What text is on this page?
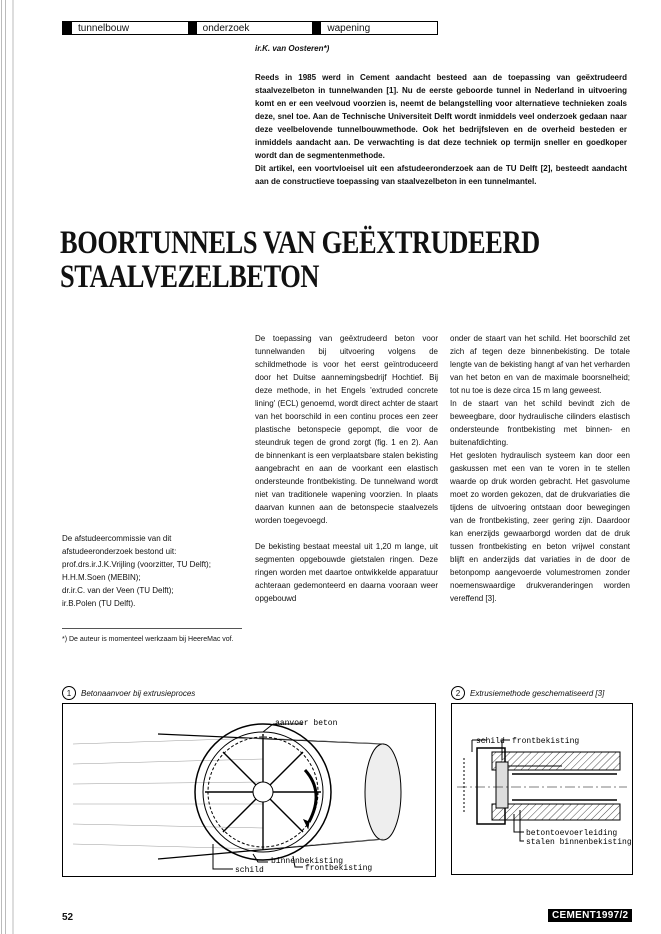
tunnelbouw	onderzoek	wapening
ir.K. van Oosteren*)

Reeds in 1985 werd in Cement aandacht besteed aan de toepassing van geëxtrudeerd staalvezelbeton in tunnelwanden [1]. Nu de eerste geboorde tunnel in Nederland in uitvoering komt en er een veelvoud voorzien is, neemt de belangstelling voor alternatieve technieken zoals deze, snel toe. Aan de Technische Universiteit Delft wordt inmiddels veel onderzoek gedaan naar deze veelbelovende tunnelbouwmethode. Ook het bedrijfsleven en de overheid besteden er inmiddels aandacht aan. De verwachting is dat deze techniek op termijn sneller en goedkoper wordt dan de segmentenmethode.

Dit artikel, een voortvloeisel uit een afstudeeronderzoek aan de TU Delft [2], besteedt aandacht aan de constructieve toepassing van staalvezelbeton in een tunnelmantel.

BOORTUNNELS VAN GEËXTRUDEERD
STAALVEZELBETON
De afstudeercommissie van dit afstudeeronderzoek bestond uit:
prof.drs.ir.J.K.Vrijling (voorzitter, TU Delft);
H.H.M.Soen (MEBIN);
dr.ir.C. van der Veen (TU Delft);
ir.B.Polen (TU Delft).
*) De auteur is momenteel werkzaam bij HeereMac vof.

De toepassing van geëxtrudeerd beton voor tunnelwanden bij uitvoering volgens de schildmethode is voor het eerst geïntroduceerd door het Duitse aannemingsbedrijf Hochtief. Bij deze methode, in het Engels 'extruded concrete lining' (ECL) genoemd, wordt direct achter de staart van het boorschild in een continu proces een zeer plastische betonspecie gepompt, die voor de steundruk tegen de grond zorgt (fig. 1 en 2). Aan de binnenkant is een verplaatsbare stalen bekisting aangebracht en aan de voorkant een elastisch ondersteunde frontbekisting. De tunnelwand wordt niet van traditionele wapening voorzien. In plaats daarvan kunnen aan de betonspecie staalvezels worden toegevoegd.

De bekisting bestaat meestal uit 1,20 m lange, uit segmenten opgebouwde gietstalen ringen. Deze ringen worden met daartoe ontwikkelde apparatuur achteraan gedemonteerd en daarna vooraan weer opgebouwd

onder de staart van het schild. Het boorschild zet zich af tegen deze binnenbekisting. De totale lengte van de bekisting hangt af van het verharden van het beton en van de maximale boorsnelheid; tot nu toe is deze circa 15 m lang geweest.

In de staart van het schild bevindt zich de beweegbare, door hydraulische cilinders elastisch ondersteunde frontbekisting met binnen- en buitenafdichting.

Het gesloten hydraulisch systeem kan door een gaskussen met een van te voren in te stellen waarde op druk worden gebracht. Het gasvolume moet zo worden gekozen, dat de drukvariaties die tijdens de uitvoering ontstaan door bewegingen van de frontbekisting, zeer gering zijn. Daardoor kan enerzijds gewaarborgd worden dat de druk tussen frontbekisting en beton vrijwel constant blijft en anderzijds dat variaties in de door de betonpomp aangevoerde volumestromen zonder noemenswaardige drukveranderingen worden vereffend [3].

1	Betonaanvoer bij extrusieproces	2	Extrusiemethode geschematiseerd [3]
aanvoer beton
binnenbekisting
schild	frontbekisting
schild frontbekisting
betontoevoerleiding
stalen binnenbekisting
52	CEMENT1997/2
